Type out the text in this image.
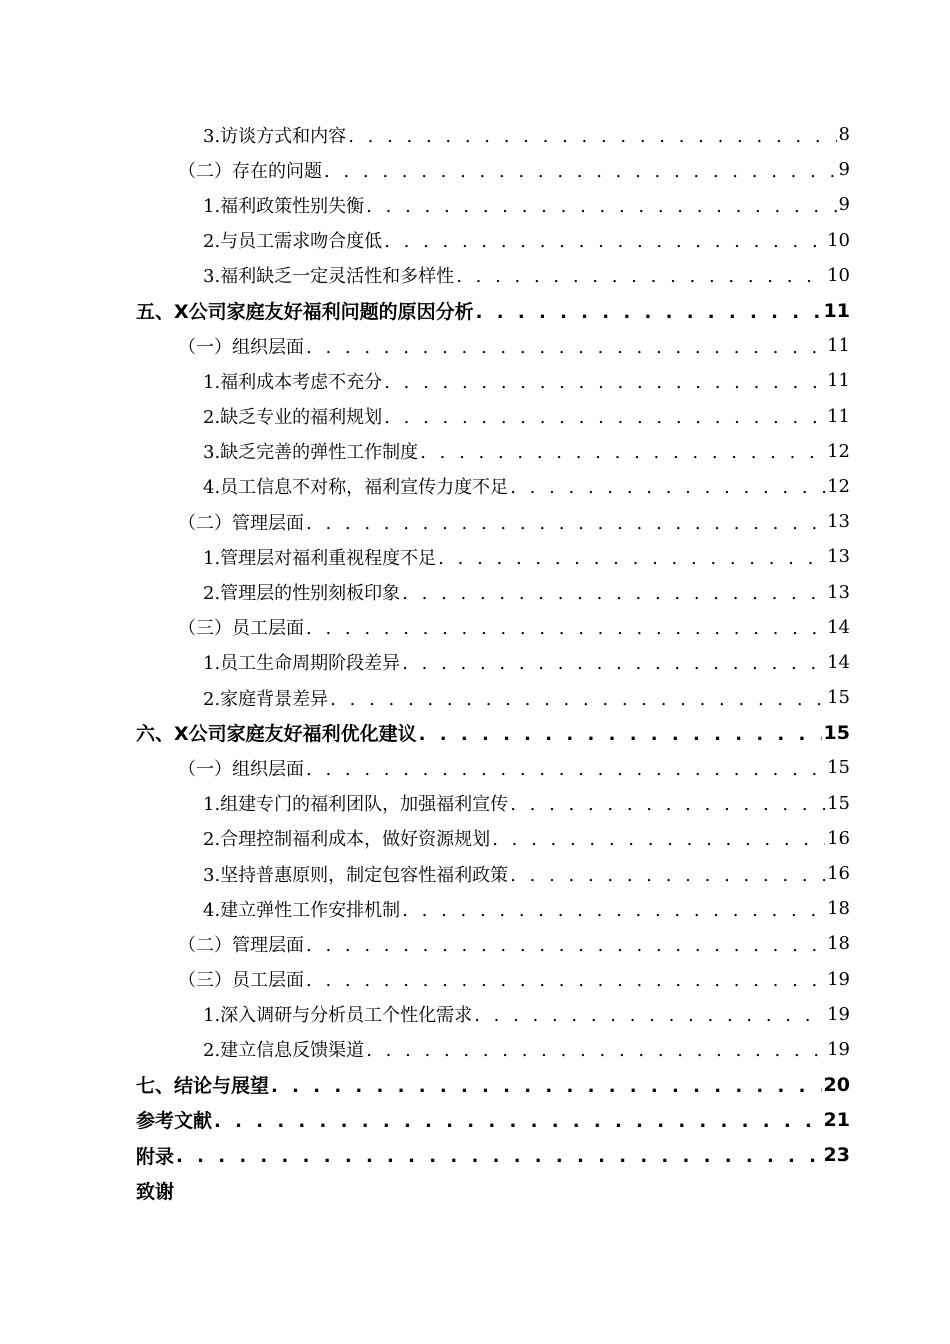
3.访谈方式和内容 . . .	8
（二）存在的问题 . . .	9
1.福利政策性别失衡 . . .	9
2.与员工需求吻合度低 . . .	10
3.福利缺乏一定灵活性和多样性 . . .	10
五、X公司家庭友好福利问题的原因分析 . . .	11
（一）组织层面 . . .	11
1.福利成本考虑不充分 . . .	11
2.缺乏专业的福利规划 . . .	11
3.缺乏完善的弹性工作制度 . . .	12
4.员工信息不对称，福利宣传力度不足 . . .	12
（二）管理层面 . . .	13
1.管理层对福利重视程度不足 . . .	13
2.管理层的性别刻板印象 . . .	13
（三）员工层面 . . .	14
1.员工生命周期阶段差异 . . .	14
2.家庭背景差异 . . .	15
六、X公司家庭友好福利优化建议 . . .	15
（一）组织层面 . . .	15
1.组建专门的福利团队，加强福利宣传 . . .	15
2.合理控制福利成本，做好资源规划 . . .	16
3.坚持普惠原则，制定包容性福利政策 . . .	16
4.建立弹性工作安排机制 . . .	18
（二）管理层面 . . .	18
（三）员工层面 . . .	19
1.深入调研与分析员工个性化需求 . . .	19
2.建立信息反馈渠道 . . .	19
七、结论与展望 . . .	20
参考文献 . . .	21
附录 . . .	23
致谢
